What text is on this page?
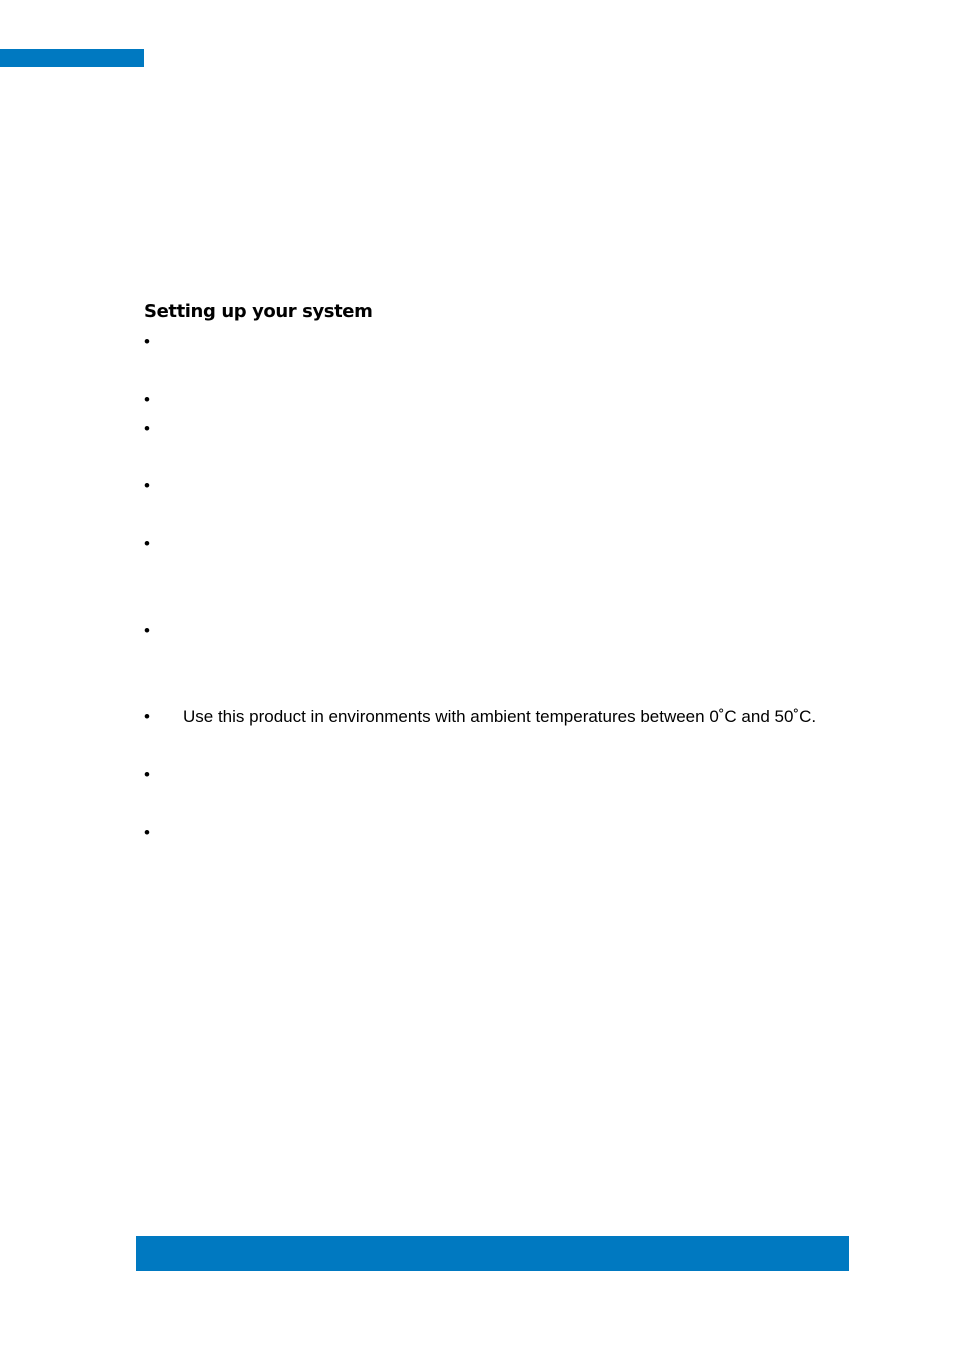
Setting up your system
•
•
•
•
•
•
• Use this product in environments with ambient temperatures between 0˚C and 50˚C.
•
•
